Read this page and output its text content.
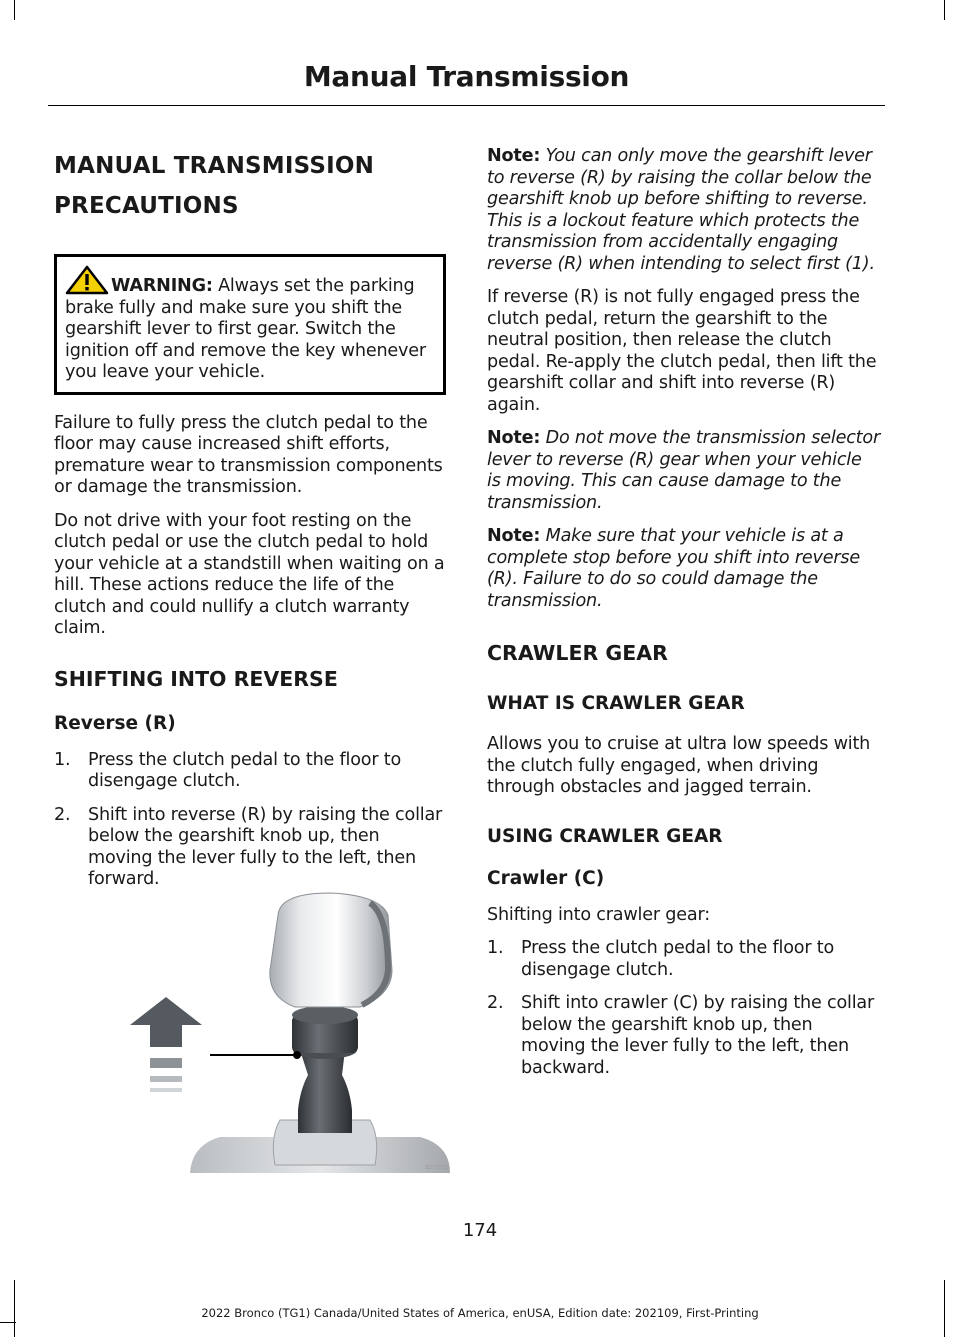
Manual Transmission
MANUAL TRANSMISSION
PRECAUTIONS

WARNING: Always set the parking brake fully and make sure you shift the gearshift lever to first gear. Switch the ignition off and remove the key whenever you leave your vehicle.

Failure to fully press the clutch pedal to the floor may cause increased shift efforts, premature wear to transmission components or damage the transmission.

Do not drive with your foot resting on the clutch pedal or use the clutch pedal to hold your vehicle at a standstill when waiting on a hill. These actions reduce the life of the clutch and could nullify a clutch warranty claim.

SHIFTING INTO REVERSE
Reverse (R)
1. Press the clutch pedal to the floor to disengage clutch.
2. Shift into reverse (R) by raising the collar below the gearshift knob up, then moving the lever fully to the left, then forward.
E277012

Note: You can only move the gearshift lever to reverse (R) by raising the collar below the gearshift knob up before shifting to reverse. This is a lockout feature which protects the transmission from accidentally engaging reverse (R) when intending to select first (1).

If reverse (R) is not fully engaged press the clutch pedal, return the gearshift to the neutral position, then release the clutch pedal. Re-apply the clutch pedal, then lift the gearshift collar and shift into reverse (R) again.

Note: Do not move the transmission selector lever to reverse (R) gear when your vehicle is moving. This can cause damage to the transmission.

Note: Make sure that your vehicle is at a complete stop before you shift into reverse (R). Failure to do so could damage the transmission.

CRAWLER GEAR
WHAT IS CRAWLER GEAR

Allows you to cruise at ultra low speeds with the clutch fully engaged, when driving through obstacles and jagged terrain.

USING CRAWLER GEAR
Crawler (C)

Shifting into crawler gear:

1. Press the clutch pedal to the floor to disengage clutch.
2. Shift into crawler (C) by raising the collar below the gearshift knob up, then moving the lever fully to the left, then backward.
174
2022 Bronco (TG1) Canada/United States of America, enUSA, Edition date: 202109, First-Printing
